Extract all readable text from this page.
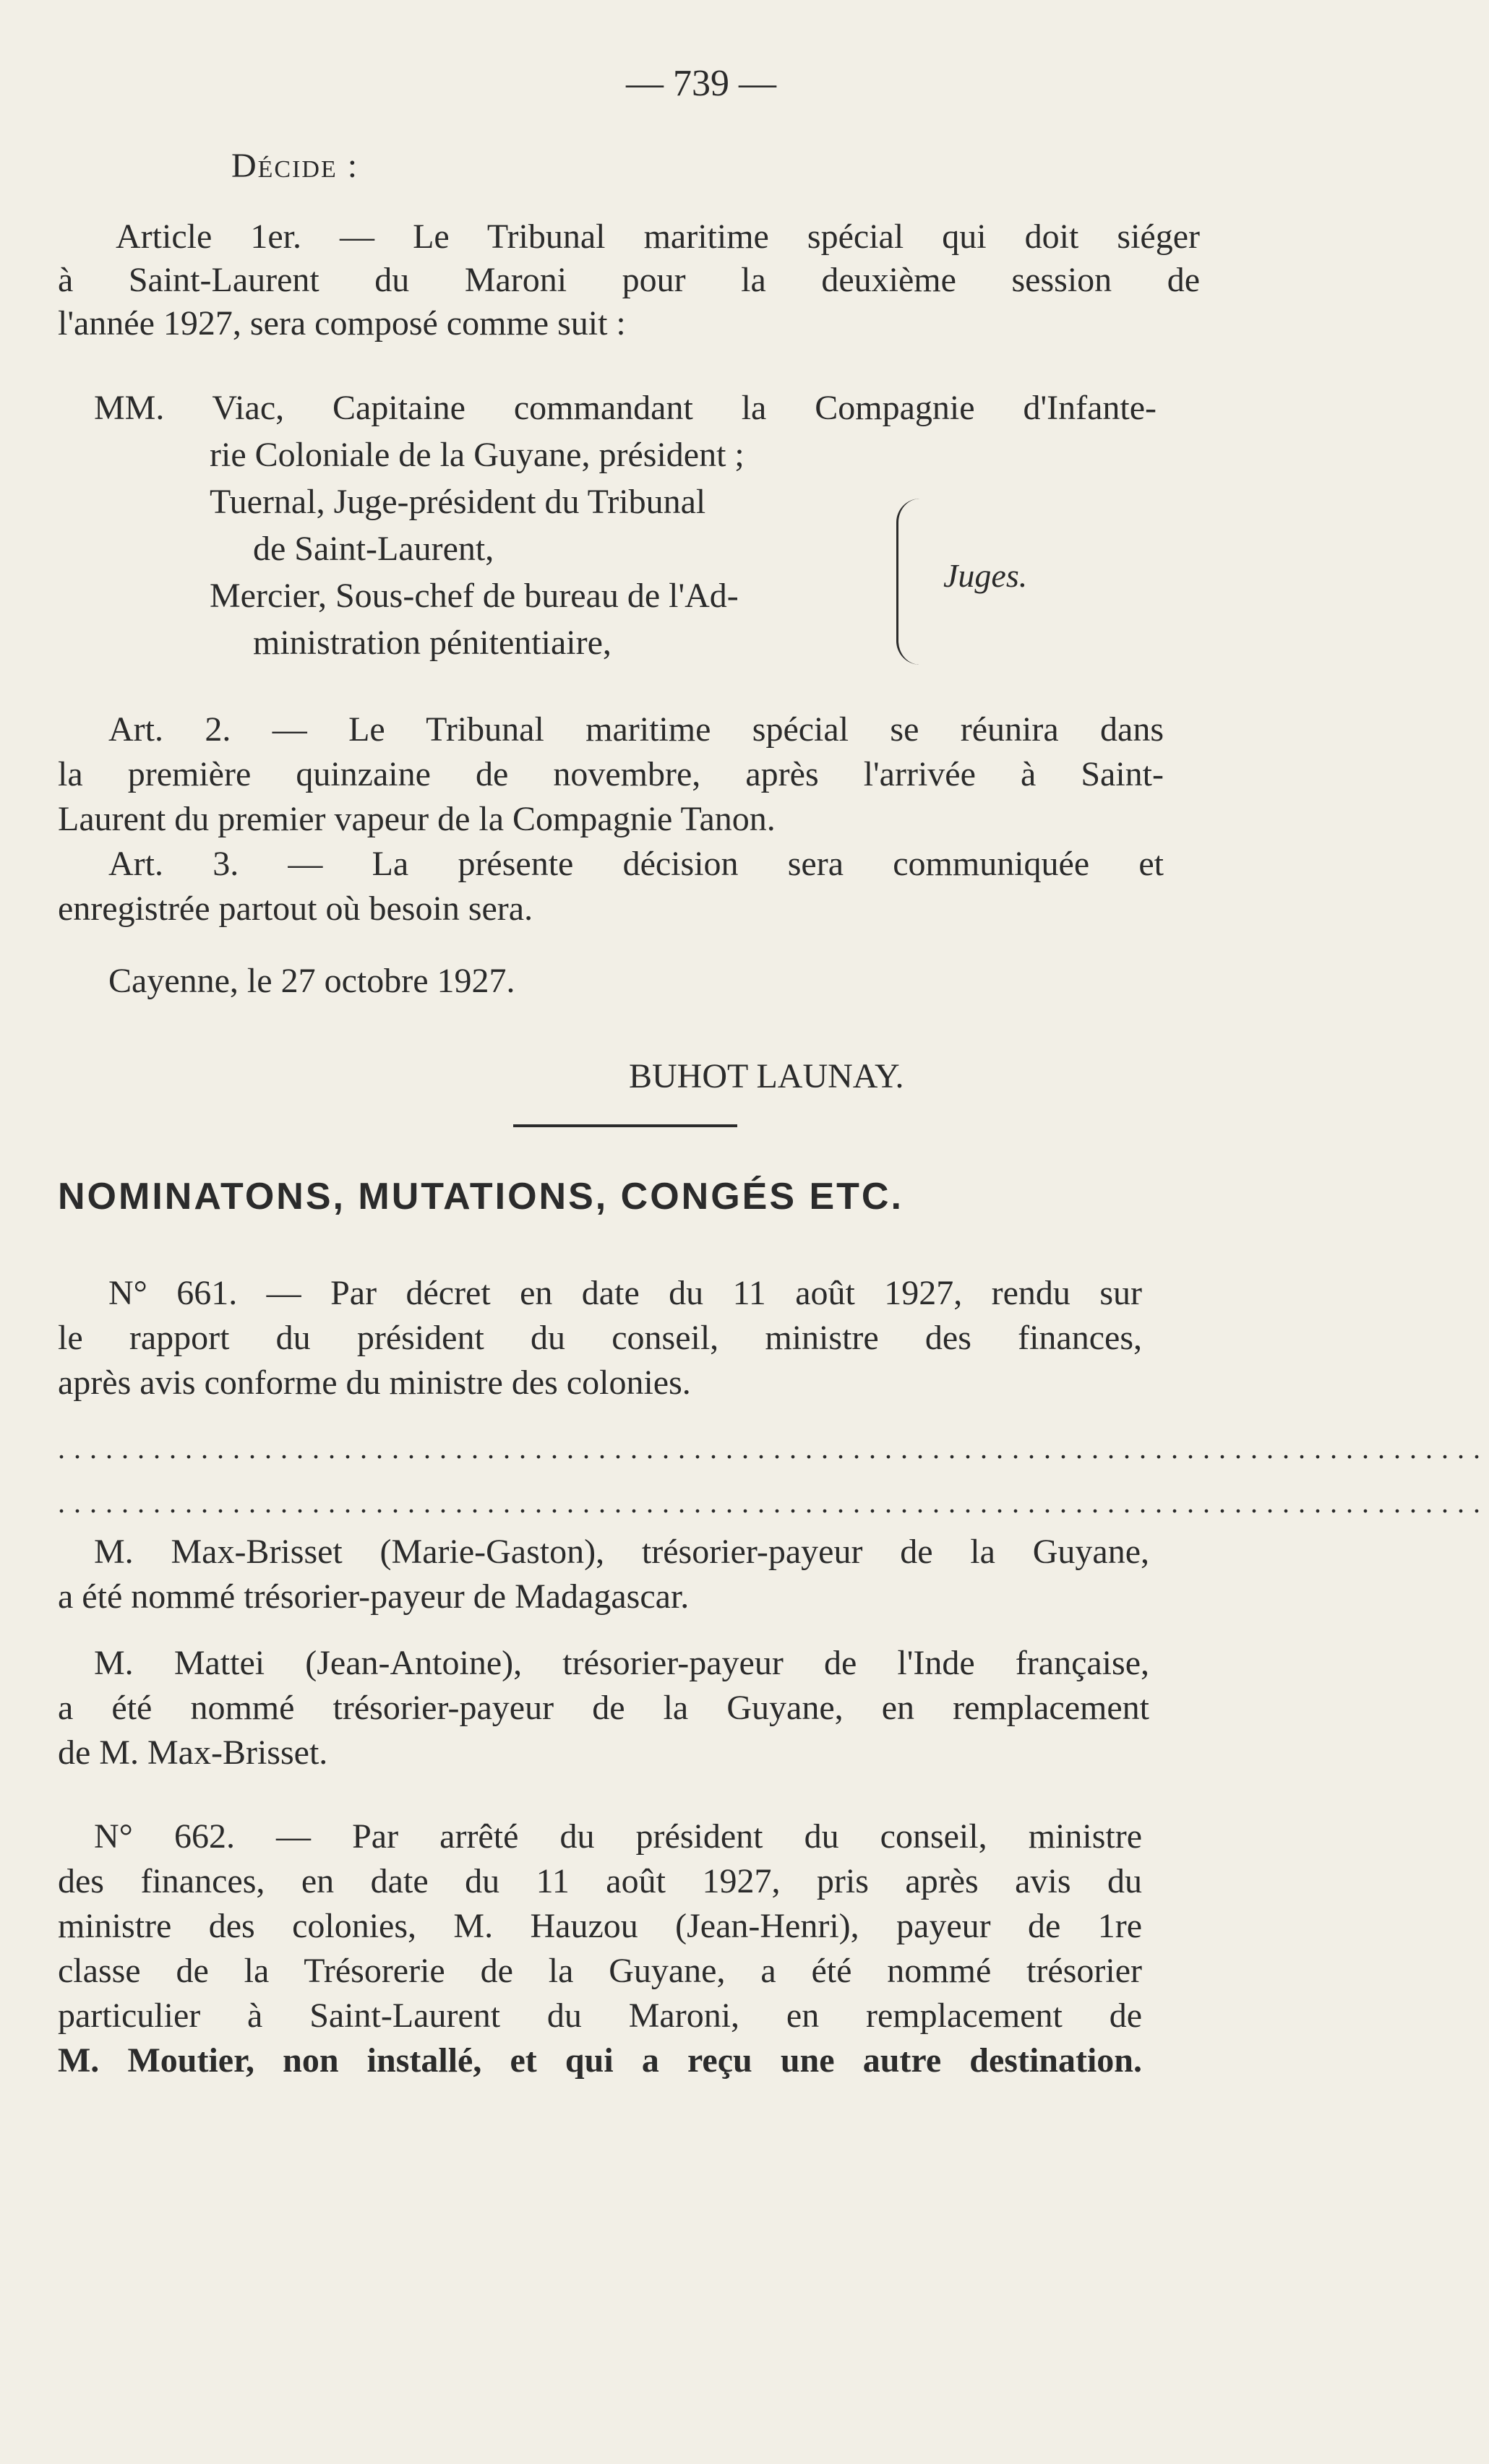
— 739 —
Décide :
Article 1er. — Le Tribunal maritime spécial qui doit siéger
à Saint-Laurent du Maroni pour la deuxième session de
l'année 1927, sera composé comme suit :
MM. Viac, Capitaine commandant la Compagnie d'Infante-
rie Coloniale de la Guyane, président ;
Tuernal, Juge-président du Tribunal
de Saint-Laurent,
Mercier, Sous-chef de bureau de l'Ad-
ministration pénitentiaire,
Juges.
Art. 2. — Le Tribunal maritime spécial se réunira dans
la première quinzaine de novembre, après l'arrivée à Saint-
Laurent du premier vapeur de la Compagnie Tanon.
Art. 3. — La présente décision sera communiquée et
enregistrée partout où besoin sera.
Cayenne, le 27 octobre 1927.
BUHOT LAUNAY.
NOMINATONS, MUTATIONS, CONGÉS ETC.
N° 661. — Par décret en date du 11 août 1927, rendu sur
le rapport du président du conseil, ministre des finances,
après avis conforme du ministre des colonies.
..........................................................................................
..........................................................................................
M. Max-Brisset (Marie-Gaston), trésorier-payeur de la Guyane,
a été nommé trésorier-payeur de Madagascar.
M. Mattei (Jean-Antoine), trésorier-payeur de l'Inde française,
a été nommé trésorier-payeur de la Guyane, en remplacement
de M. Max-Brisset.
N° 662. — Par arrêté du président du conseil, ministre
des finances, en date du 11 août 1927, pris après avis du
ministre des colonies, M. Hauzou (Jean-Henri), payeur de 1re
classe de la Trésorerie de la Guyane, a été nommé trésorier
particulier à Saint-Laurent du Maroni, en remplacement de
M. Moutier, non installé, et qui a reçu une autre destination.
